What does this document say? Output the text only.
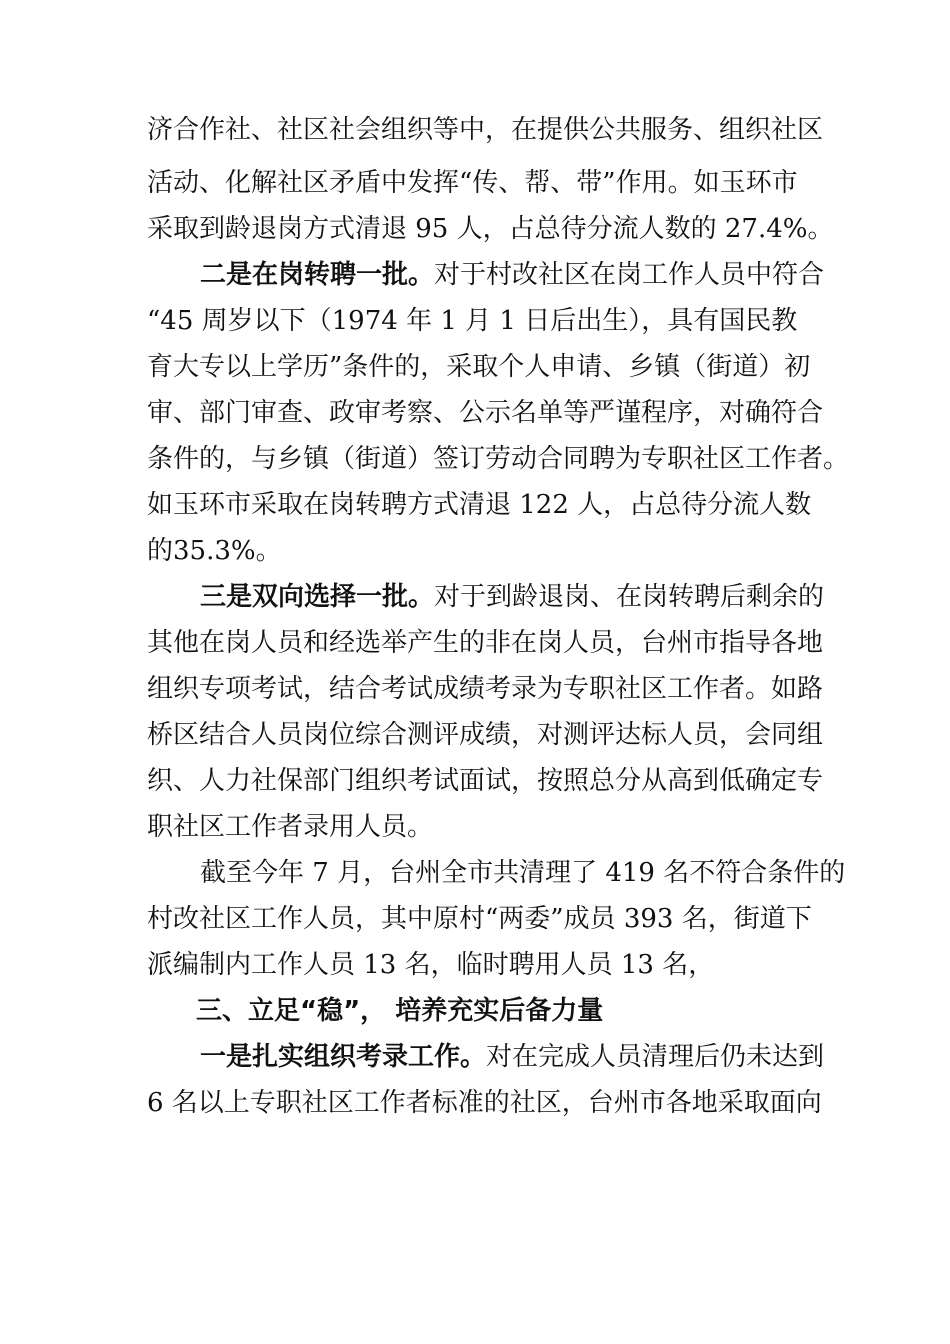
济合作社、社区社会组织等中，在提供公共服务、组织社区
活动、化解社区矛盾中发挥“传、帮、带”作用。如玉环市
采取到龄退岗方式清退 95 人，占总待分流人数的 27.4%。
二是在岗转聘一批。对于村改社区在岗工作人员中符合
“45 周岁以下（1974 年 1 月 1 日后出生），具有国民教
育大专以上学历”条件的，采取个人申请、乡镇（街道）初
审、部门审查、政审考察、公示名单等严谨程序，对确符合
条件的，与乡镇（街道）签订劳动合同聘为专职社区工作者。
如玉环市采取在岗转聘方式清退 122 人，占总待分流人数
的35.3%。
三是双向选择一批。对于到龄退岗、在岗转聘后剩余的
其他在岗人员和经选举产生的非在岗人员，台州市指导各地
组织专项考试，结合考试成绩考录为专职社区工作者。如路
桥区结合人员岗位综合测评成绩，对测评达标人员，会同组
织、人力社保部门组织考试面试，按照总分从高到低确定专
职社区工作者录用人员。
截至今年 7 月，台州全市共清理了 419 名不符合条件的
村改社区工作人员，其中原村“两委”成员 393 名，街道下
派编制内工作人员 13 名，临时聘用人员 13 名，
三、立足“稳”， 培养充实后备力量
一是扎实组织考录工作。对在完成人员清理后仍未达到
6 名以上专职社区工作者标准的社区，台州市各地采取面向
